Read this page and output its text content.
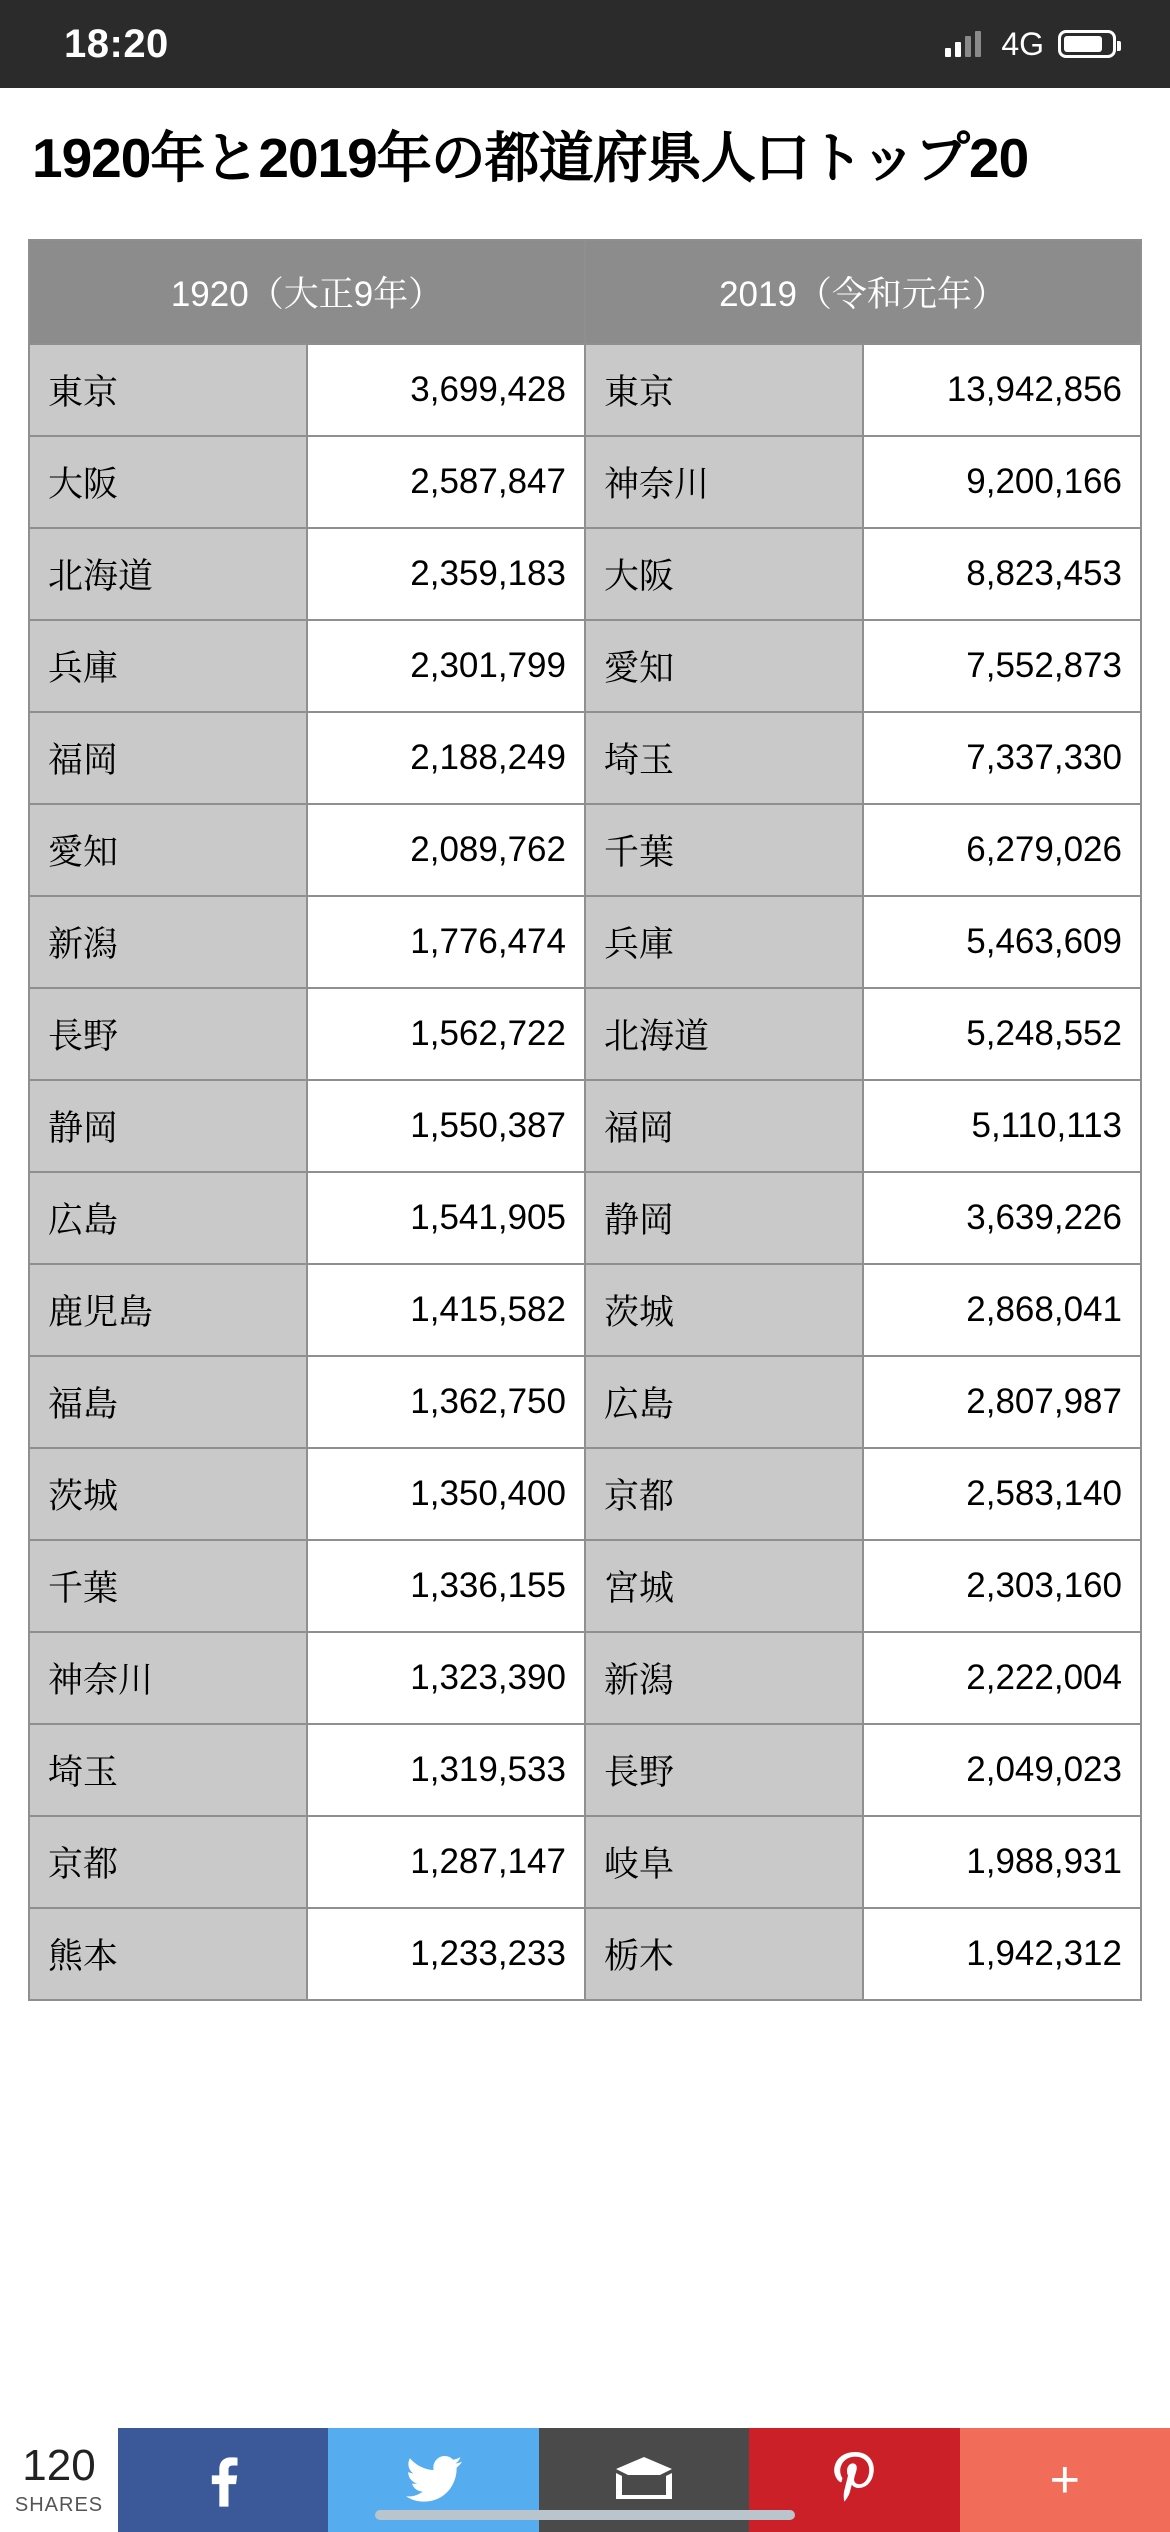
18:20	4G
1920年と2019年の都道府県人口トップ20
1920（大正9年）		2019（令和元年）	
東京	3,699,428	東京	13,942,856
大阪	2,587,847	神奈川	9,200,166
北海道	2,359,183	大阪	8,823,453
兵庫	2,301,799	愛知	7,552,873
福岡	2,188,249	埼玉	7,337,330
愛知	2,089,762	千葉	6,279,026
新潟	1,776,474	兵庫	5,463,609
長野	1,562,722	北海道	5,248,552
静岡	1,550,387	福岡	5,110,113
広島	1,541,905	静岡	3,639,226
鹿児島	1,415,582	茨城	2,868,041
福島	1,362,750	広島	2,807,987
茨城	1,350,400	京都	2,583,140
千葉	1,336,155	宮城	2,303,160
神奈川	1,323,390	新潟	2,222,004
埼玉	1,319,533	長野	2,049,023
京都	1,287,147	岐阜	1,988,931
熊本	1,233,233	栃木	1,942,312
120
SHARES	+
